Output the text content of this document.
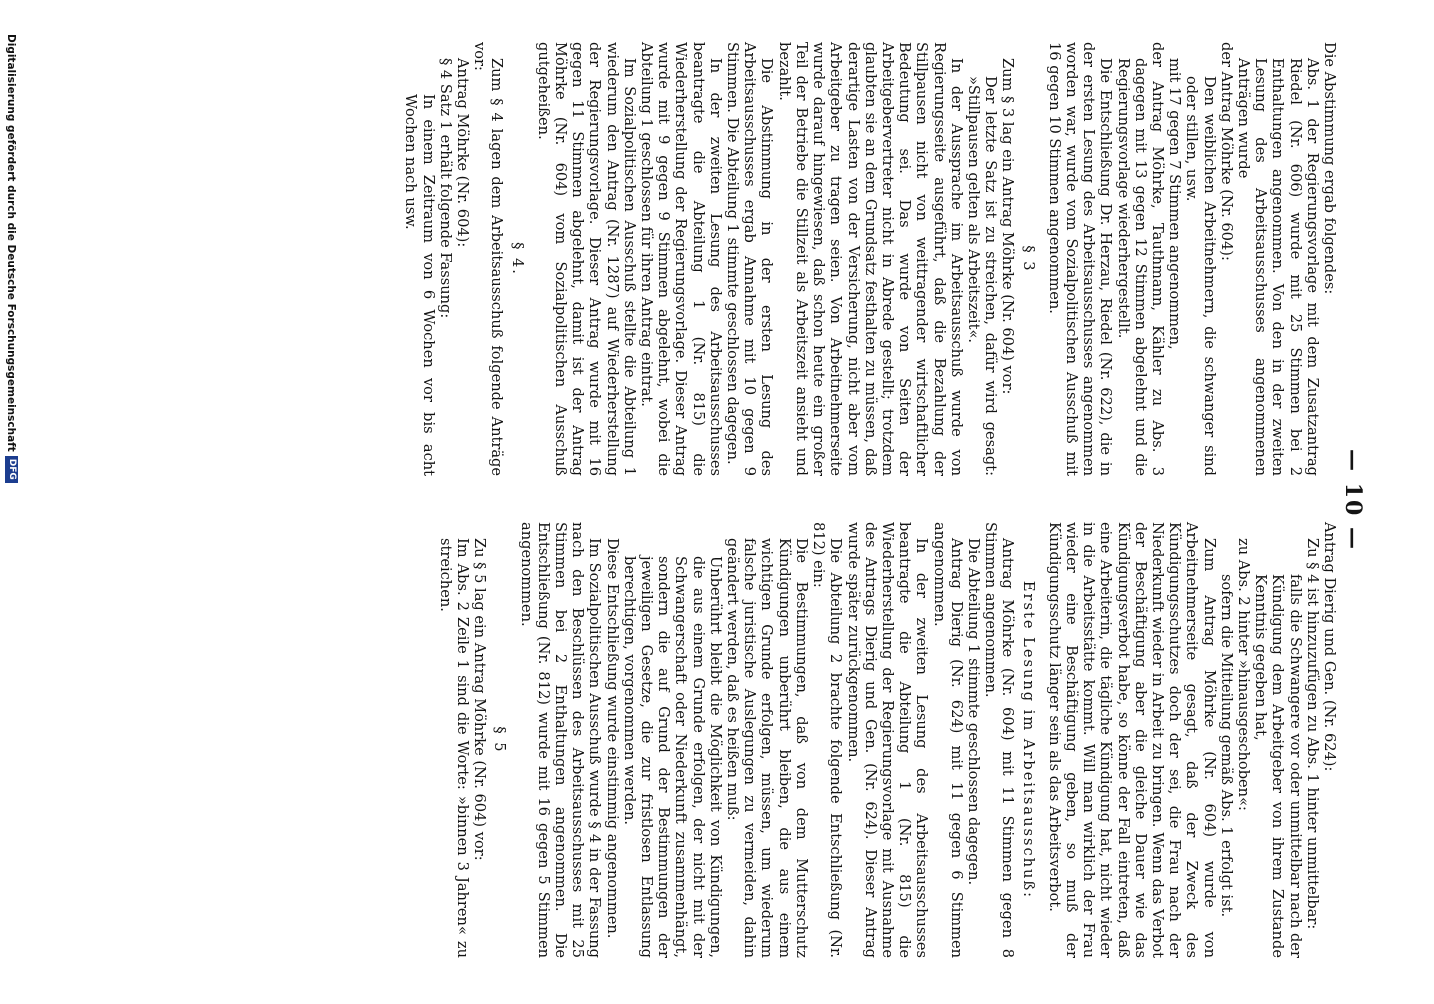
— 10 —

Die Abstimmung ergab folgendes:

Abs. 1 der Regierungsvorlage mit dem Zusatzantrag Riedel (Nr. 606) wurde mit 25 Stimmen bei 2 Enthaltungen angenommen. Von den in der zweiten Lesung des Arbeitsausschusses angenommenen Anträgen wurde

der Antrag Möhrke (Nr. 604):

Den weiblichen Arbeitnehmern, die schwanger sind oder stillen, usw.

mit 17 gegen 7 Stimmen angenommen,

der Antrag Möhrke, Tauthmann, Kähler zu Abs. 3 dagegen mit 13 gegen 12 Stimmen abgelehnt und die Regierungsvorlage wiederhergestellt.

Die Entschließung Dr. Herzau, Riedel (Nr. 622), die in der ersten Lesung des Arbeitsausschusses angenommen worden war, wurde vom Sozialpolitischen Ausschuß mit 16 gegen 10 Stimmen angenommen.

§ 3

Zum § 3 lag ein Antrag Möhrke (Nr. 604) vor:

Der letzte Satz ist zu streichen, dafür wird gesagt: »Stillpausen gelten als Arbeitszeit«.

In der Aussprache im Arbeitsausschuß wurde von Regierungsseite ausgeführt, daß die Bezahlung der Stillpausen nicht von weittragender wirtschaftlicher Bedeutung sei. Das wurde von Seiten der Arbeitgebervertreter nicht in Abrede gestellt; trotzdem glaubten sie an dem Grundsatz festhalten zu müssen, daß derartige Lasten von der Versicherung, nicht aber vom Arbeitgeber zu tragen seien. Von Arbeitnehmerseite wurde darauf hingewiesen, daß schon heute ein großer Teil der Betriebe die Stillzeit als Arbeitszeit ansieht und bezahlt.

Die Abstimmung in der ersten Lesung des Arbeitsausschusses ergab Annahme mit 10 gegen 9 Stimmen. Die Abteilung 1 stimmte geschlossen dagegen.

In der zweiten Lesung des Arbeitsausschusses beantragte die Abteilung 1 (Nr. 815) die Wiederherstellung der Regierungsvorlage. Dieser Antrag wurde mit 9 gegen 9 Stimmen abgelehnt, wobei die Abteilung 1 geschlossen für ihren Antrag eintrat.

Im Sozialpolitischen Ausschuß stellte die Abteilung 1 wiederum den Antrag (Nr. 1287) auf Wiederherstellung der Regierungsvorlage. Dieser Antrag wurde mit 16 gegen 11 Stimmen abgelehnt, damit ist der Antrag Möhrke (Nr. 604) vom Sozialpolitischen Ausschuß gutgeheißen.

§ 4.

Zum § 4 lagen dem Arbeitsausschuß folgende Anträge vor:

Antrag Möhrke (Nr. 604):

§ 4 Satz 1 erhält folgende Fassung:

In einem Zeitraum von 6 Wochen vor bis acht Wochen nach usw.

Antrag Dierig und Gen. (Nr. 624):

Zu § 4 ist hinzuzufügen zu Abs. 1 hinter unmittelbar:

falls die Schwangere vor oder unmittelbar nach der Kündigung dem Arbeitgeber von ihrem Zustande Kenntnis gegeben hat,

zu Abs. 2 hinter »hinausgeschoben«:

sofern die Mitteilung gemäß Abs. 1 erfolgt ist.

Zum Antrag Möhrke (Nr. 604) wurde von Arbeitnehmerseite gesagt, daß der Zweck des Kündigungsschutzes doch der sei, die Frau nach der Niederkunft wieder in Arbeit zu bringen. Wenn das Verbot der Beschäftigung aber die gleiche Dauer wie das Kündigungsverbot habe, so könne der Fall eintreten, daß eine Arbeiterin, die tägliche Kündigung hat, nicht wieder in die Arbeitsstätte kommt. Will man wirklich der Frau wieder eine Beschäftigung geben, so muß der Kündigungsschutz länger sein als das Arbeitsverbot.

Erste Lesung im Arbeitsausschuß:

Antrag Möhrke (Nr. 604) mit 11 Stimmen gegen 8 Stimmen angenommen.

Die Abteilung 1 stimmte geschlossen dagegen.

Antrag Dierig (Nr. 624) mit 11 gegen 6 Stimmen angenommen.

In der zweiten Lesung des Arbeitsausschusses beantragte die Abteilung 1 (Nr. 815) die Wiederherstellung der Regierungsvorlage mit Ausnahme des Antrags Dierig und Gen. (Nr. 624). Dieser Antrag wurde später zurückgenommen.

Die Abteilung 2 brachte folgende Entschließung (Nr. 812) ein:

Die Bestimmungen, daß von dem Mutterschutz Kündigungen unberührt bleiben, die aus einem wichtigen Grunde erfolgen, müssen, um wiederum falsche juristische Auslegungen zu vermeiden, dahin geändert werden, daß es heißen muß:

Unberührt bleibt die Möglichkeit von Kündigungen, die aus einem Grunde erfolgen, der nicht mit der Schwangerschaft oder Niederkunft zusammenhängt, sondern die auf Grund der Bestimmungen der jeweiligen Gesetze, die zur fristlosen Entlassung berechtigen, vorgenommen werden.

Diese Entschließung wurde einstimmig angenommen.

Im Sozialpolitischen Ausschuß wurde § 4 in der Fassung nach den Beschlüssen des Arbeitsausschusses mit 25 Stimmen bei 2 Enthaltungen angenommen. Die Entschließung (Nr. 812) wurde mit 16 gegen 5 Stimmen angenommen.

§ 5

Zu § 5 lag ein Antrag Möhrke (Nr. 604) vor:

Im Abs. 2 Zeile 1 sind die Worte: »binnen 3 Jahren« zu streichen.

Digitalisierung gefördert durch die Deutsche Forschungsgemeinschaft
DFG
